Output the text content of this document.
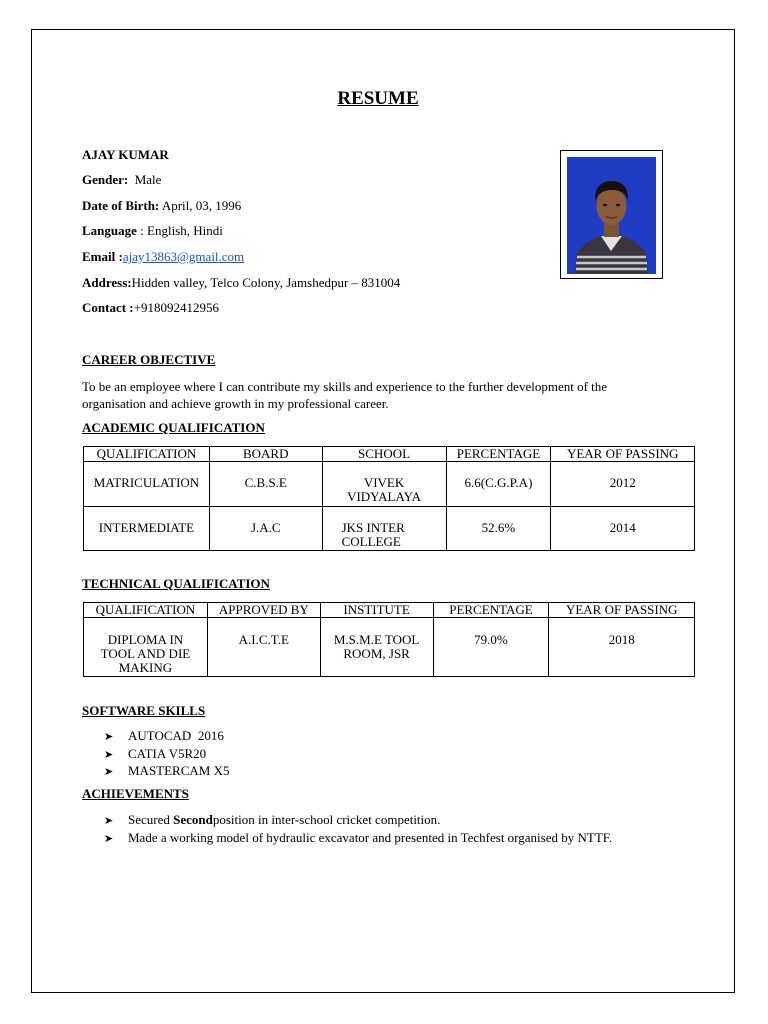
RESUME
AJAY KUMAR
Gender: Male
Date of Birth: April, 03, 1996
Language : English, Hindi
Email :ajay13863@gmail.com
Address:Hidden valley, Telco Colony, Jamshedpur – 831004
Contact :+918092412956
CAREER OBJECTIVE
To be an employee where I can contribute my skills and experience to the further development of the
organisation and achieve growth in my professional career.
ACADEMIC QUALIFICATION
QUALIFICATION	BOARD	SCHOOL	PERCENTAGE	YEAR OF PASSING
MATRICULATION	C.B.S.E	VIVEK VIDYALAYA	6.6(C.G.P.A)	2012
INTERMEDIATE	J.A.C	JKS INTER COLLEGE	52.6%	2014
TECHNICAL QUALIFICATION
QUALIFICATION	APPROVED BY	INSTITUTE	PERCENTAGE	YEAR OF PASSING
DIPLOMA IN TOOL AND DIE MAKING	A.I.C.T.E	M.S.M.E TOOL ROOM, JSR	79.0%	2018
SOFTWARE SKILLS
➤ AUTOCAD  2016
➤ CATIA V5R20
➤ MASTERCAM X5
ACHIEVEMENTS
➤ Secured Secondposition in inter-school cricket competition.
➤ Made a working model of hydraulic excavator and presented in Techfest organised by NTTF.
